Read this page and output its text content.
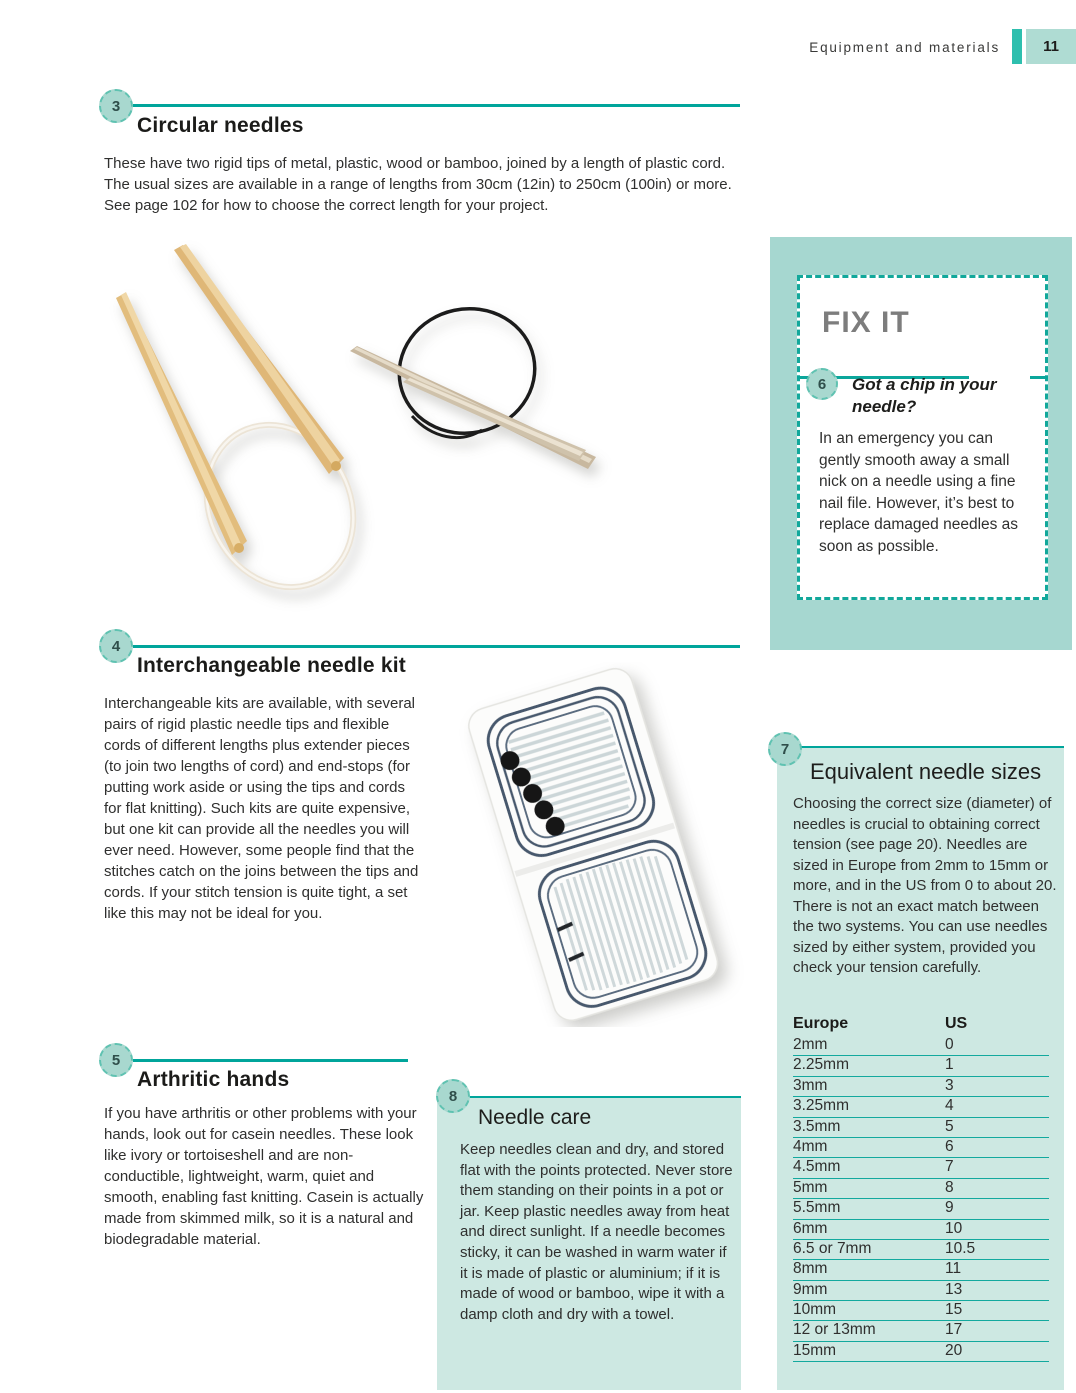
Equipment and materials	11
3
Circular needles
These have two rigid tips of metal, plastic, wood or bamboo, joined by a length of plastic cord. The usual sizes are available in a range of lengths from 30cm (12in) to 250cm (100in) or more. See page 102 for how to choose the correct length for your project.
FIX IT
6	Got a chip in your needle?
In an emergency you can gently smooth away a small nick on a needle using a fine nail file. However, it’s best to replace damaged needles as soon as possible.
4
Interchangeable needle kit
Interchangeable kits are available, with several pairs of rigid plastic needle tips and flexible cords of different lengths plus extender pieces (to join two lengths of cord) and end-stops (for putting work aside or using the tips and cords for flat knitting). Such kits are quite expensive, but one kit can provide all the needles you will ever need. However, some people find that the stitches catch on the joins between the tips and cords. If your stitch tension is quite tight, a set like this may not be ideal for you.
Equivalent needle sizes
Choosing the correct size (diameter) of needles is crucial to obtaining correct tension (see page 20). Needles are sized in Europe from 2mm to 15mm or more, and in the US from 0 to about 20. There is not an exact match between the two systems. You can use needles sized by either system, provided you check your tension carefully.
Europe	US
2mm	0
2.25mm	1
3mm	3
3.25mm	4
3.5mm	5
4mm	6
4.5mm	7
5mm	8
5.5mm	9
6mm	10
6.5 or 7mm	10.5
8mm	11
9mm	13
10mm	15
12 or 13mm	17
15mm	20
7
5
Arthritic hands
If you have arthritis or other problems with your hands, look out for casein needles. These look like ivory or tortoiseshell and are non-conductible, lightweight, warm, quiet and smooth, enabling fast knitting. Casein is actually made from skimmed milk, so it is a natural and biodegradable material.
Needle care
Keep needles clean and dry, and stored flat with the points protected. Never store them standing on their points in a pot or jar. Keep plastic needles away from heat and direct sunlight. If a needle becomes sticky, it can be washed in warm water if it is made of plastic or aluminium; if it is made of wood or bamboo, wipe it with a damp cloth and dry with a towel.
8
